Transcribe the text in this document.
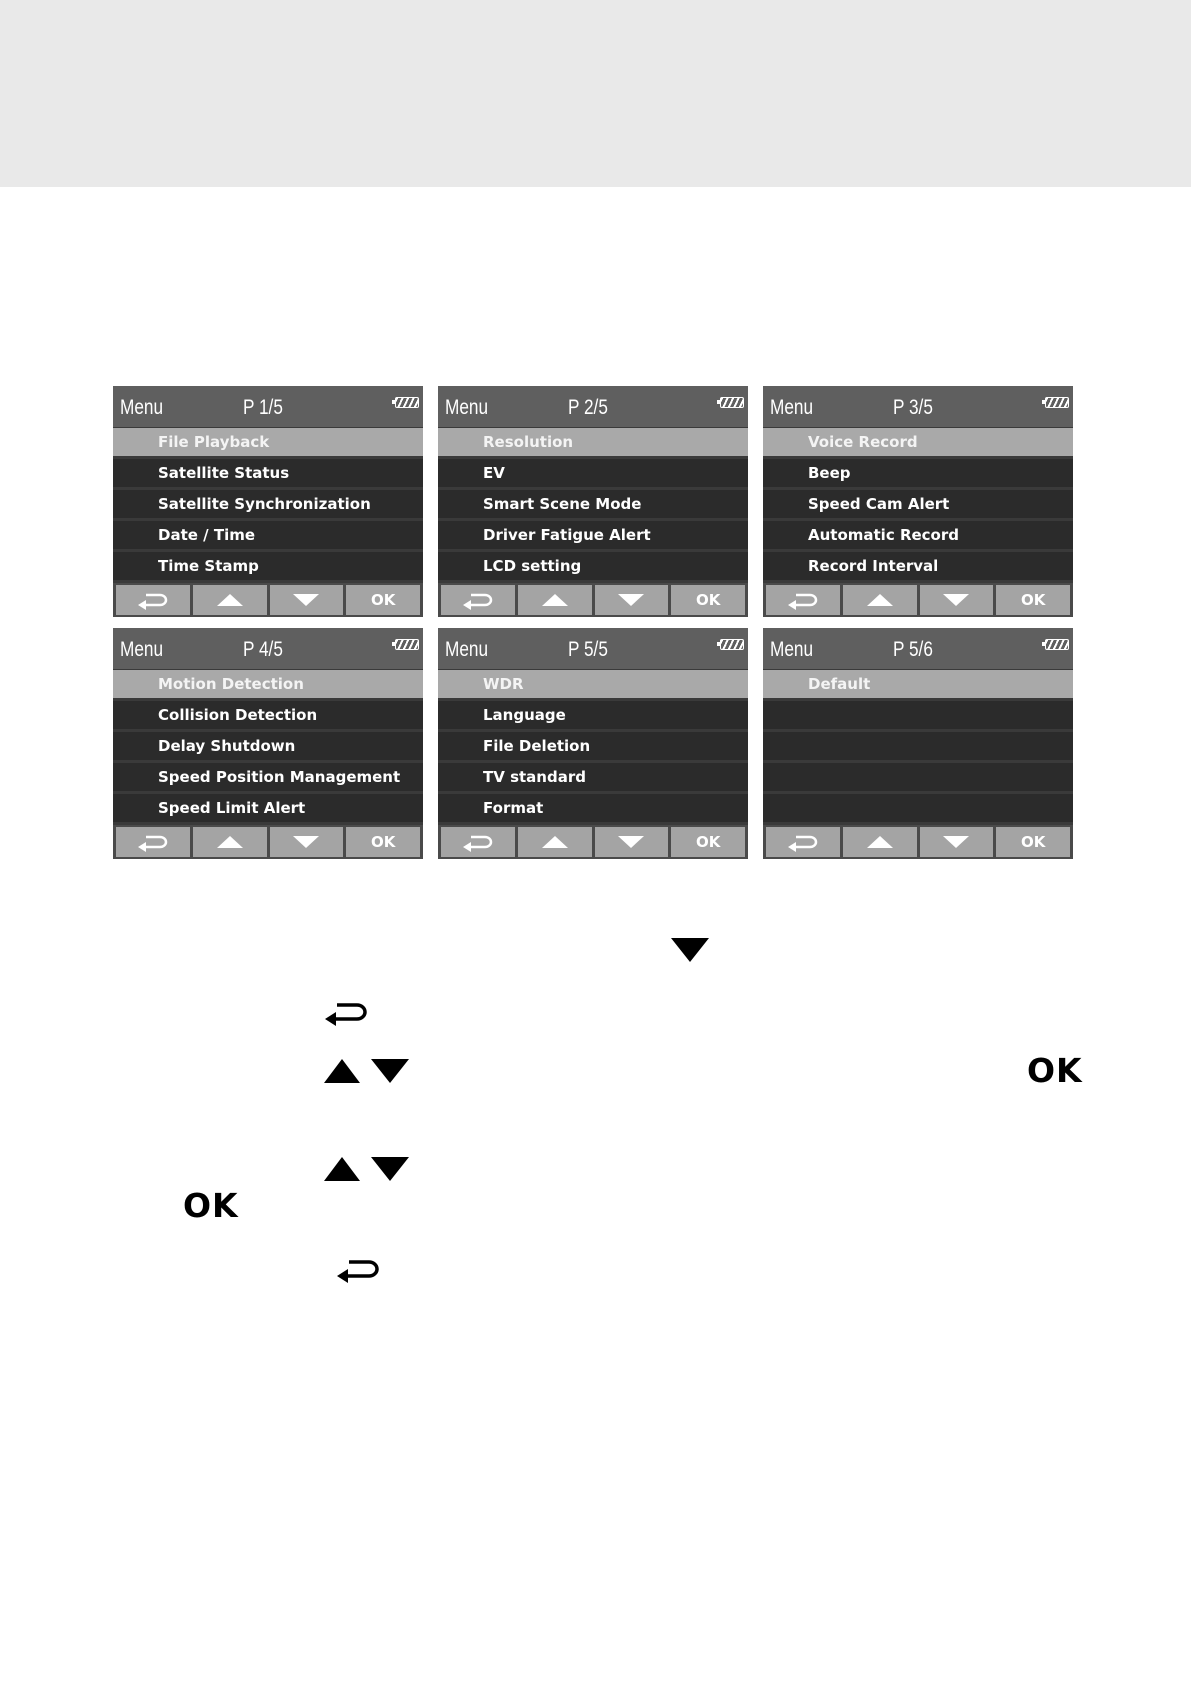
Menu	P 1/5
File Playback
Satellite Status
Satellite Synchronization
Date / Time
Time Stamp
OK
Menu	P 2/5
Resolution
EV
Smart Scene Mode
Driver Fatigue Alert
LCD setting
OK
Menu	P 3/5
Voice Record
Beep
Speed Cam Alert
Automatic Record
Record Interval
OK
Menu	P 4/5
Motion Detection
Collision Detection
Delay Shutdown
Speed Position Management
Speed Limit Alert
OK
Menu	P 5/5
WDR
Language
File Deletion
TV standard
Format
OK
Menu	P 5/6
Default
OK
OK
OK
